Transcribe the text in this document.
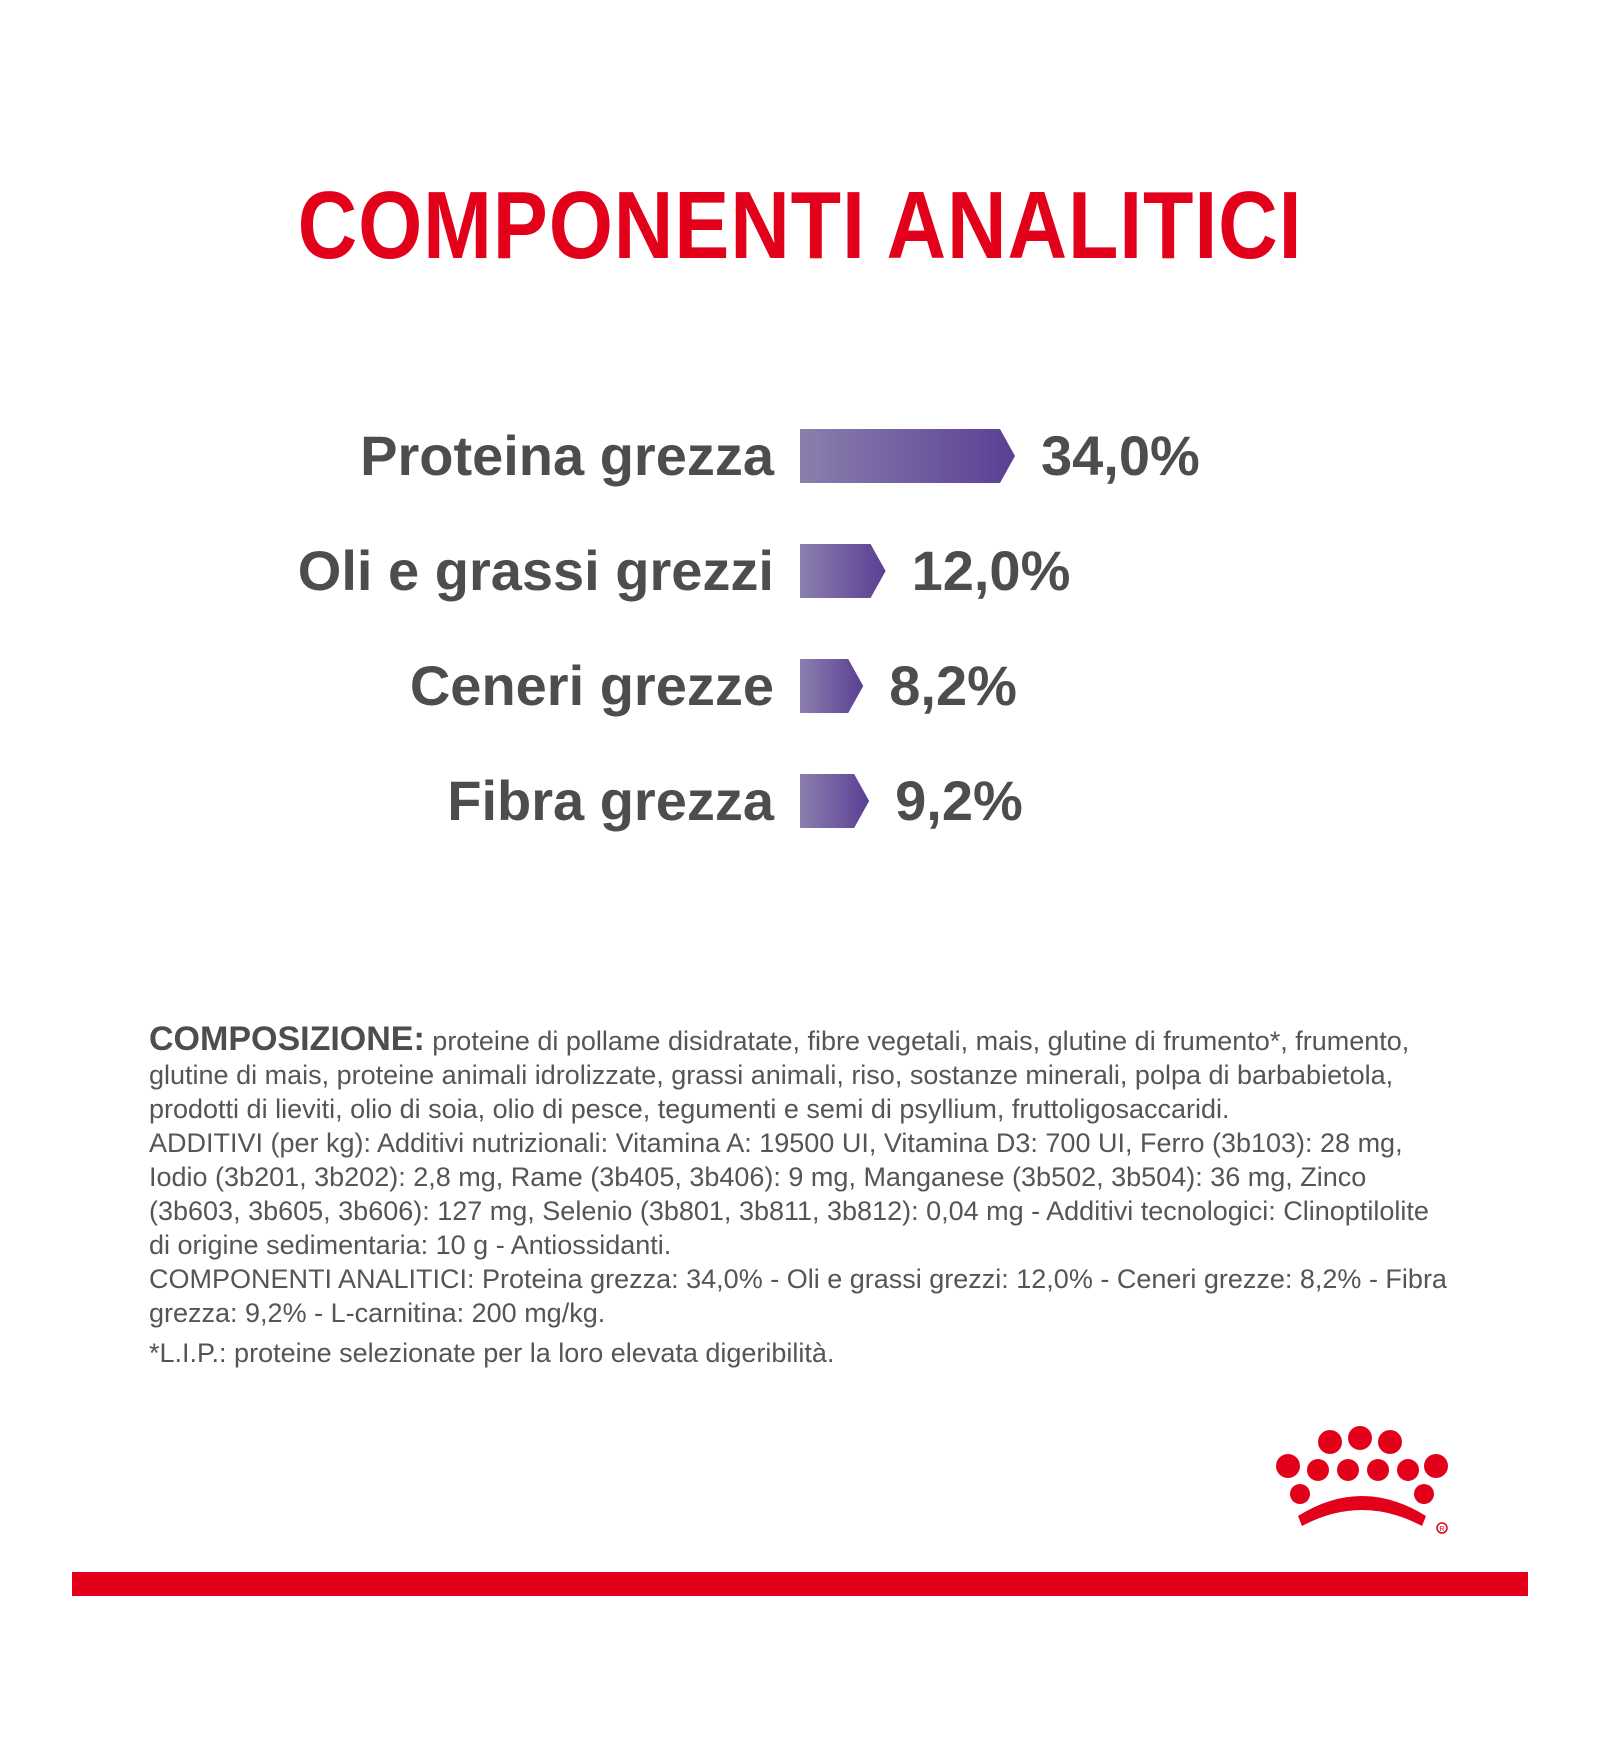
COMPONENTI ANALITICI
Proteina grezza	34,0%
Oli e grassi grezzi 12,0%
Ceneri grezze 8,2%
Fibra grezza 9,2%

COMPOSIZIONE: proteine di pollame disidratate, fibre vegetali, mais, glutine di frumento*, frumento, glutine di mais, proteine animali idrolizzate, grassi animali, riso, sostanze minerali, polpa di barbabietola, prodotti di lieviti, olio di soia, olio di pesce, tegumenti e semi di psyllium, fruttoligosaccaridi.
ADDITIVI (per kg): Additivi nutrizionali: Vitamina A: 19500 UI, Vitamina D3: 700 UI, Ferro (3b103): 28 mg, Iodio (3b201, 3b202): 2,8 mg, Rame (3b405, 3b406): 9 mg, Manganese (3b502, 3b504): 36 mg, Zinco (3b603, 3b605, 3b606): 127 mg, Selenio (3b801, 3b811, 3b812): 0,04 mg - Additivi tecnologici: Clinoptilolite di origine sedimentaria: 10 g - Antiossidanti.
COMPONENTI ANALITICI: Proteina grezza: 34,0% - Oli e grassi grezzi: 12,0% - Ceneri grezze: 8,2% - Fibra grezza: 9,2% - L-carnitina: 200 mg/kg.

*L.I.P.: proteine selezionate per la loro elevata digeribilità.

R
